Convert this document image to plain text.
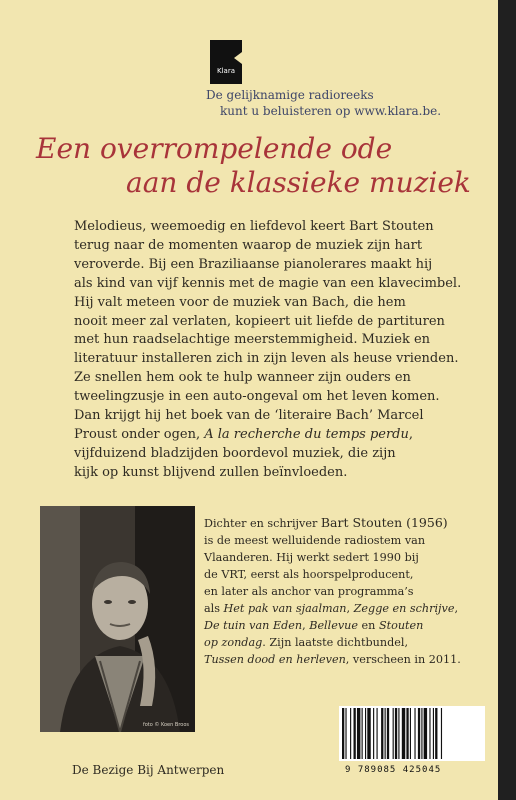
Klara
De gelijknamige radioreeks
kunt u beluisteren op www.klara.be.
Een overrompelende ode
aan de klassieke muziek
Melodieus, weemoedig en liefdevol keert Bart Stouten
terug naar de momenten waarop de muziek zijn hart
veroverde. Bij een Braziliaanse pianolerares maakt hij
als kind van vijf kennis met de magie van een klavecimbel.
Hij valt meteen voor de muziek van Bach, die hem
nooit meer zal verlaten, kopieert uit liefde de partituren
met hun raadselachtige meerstemmigheid. Muziek en
literatuur installeren zich in zijn leven als heuse vrienden.
Ze snellen hem ook te hulp wanneer zijn ouders en
tweelingzusje in een auto-ongeval om het leven komen.
Dan krijgt hij het boek van de ‘literaire Bach’ Marcel
Proust onder ogen, A la recherche du temps perdu,
vijfduizend bladzijden boordevol muziek, die zijn
kijk op kunst blijvend zullen beïnvloeden.
foto © Koen Broos
Dichter en schrijver Bart Stouten (1956)
is de meest welluidende radiostem van
Vlaanderen. Hij werkt sedert 1990 bij
de VRT, eerst als hoorspelproducent,
en later als anchor van programma’s
als Het pak van sjaalman, Zegge en schrijve,
De tuin van Eden, Bellevue en Stouten
op zondag. Zijn laatste dichtbundel,
Tussen dood en herleven, verscheen in 2011.
De Bezige Bij Antwerpen	9 789085 425045
